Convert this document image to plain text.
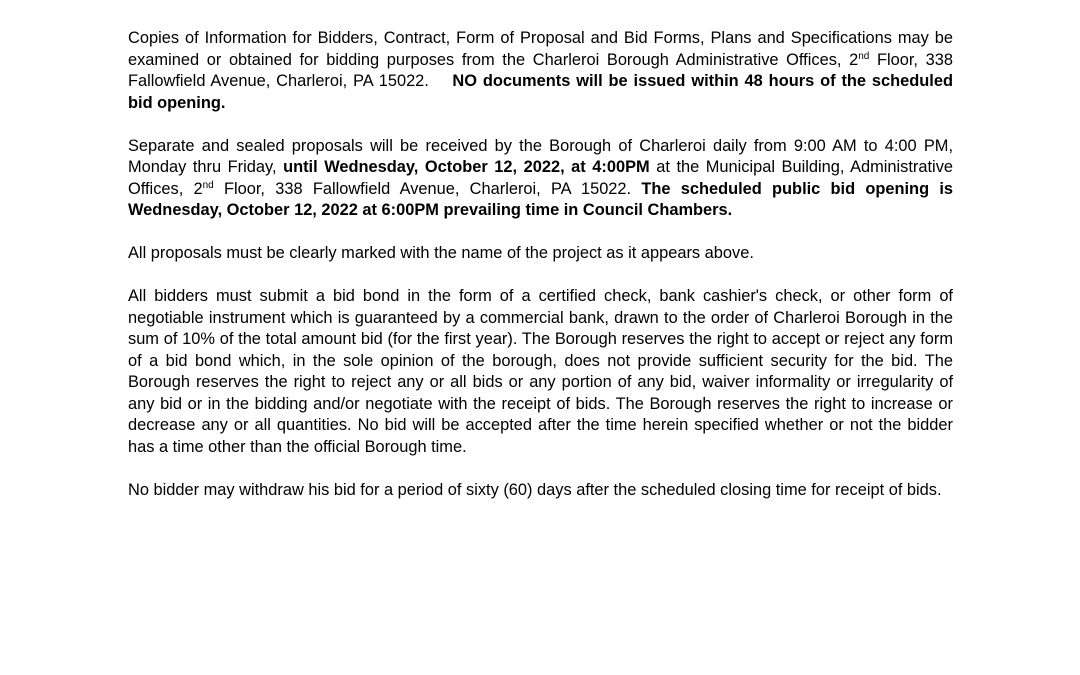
Copies of Information for Bidders, Contract, Form of Proposal and Bid Forms, Plans and Specifications may be examined or obtained for bidding purposes from the Charleroi Borough Administrative Offices, 2nd Floor, 338 Fallowfield Avenue, Charleroi, PA 15022. NO documents will be issued within 48 hours of the scheduled bid opening.

Separate and sealed proposals will be received by the Borough of Charleroi daily from 9:00 AM to 4:00 PM, Monday thru Friday, until Wednesday, October 12, 2022, at 4:00PM at the Municipal Building, Administrative Offices, 2nd Floor, 338 Fallowfield Avenue, Charleroi, PA 15022. The scheduled public bid opening is Wednesday, October 12, 2022 at 6:00PM prevailing time in Council Chambers.

All proposals must be clearly marked with the name of the project as it appears above.

All bidders must submit a bid bond in the form of a certified check, bank cashier's check, or other form of negotiable instrument which is guaranteed by a commercial bank, drawn to the order of Charleroi Borough in the sum of 10% of the total amount bid (for the first year). The Borough reserves the right to accept or reject any form of a bid bond which, in the sole opinion of the borough, does not provide sufficient security for the bid. The Borough reserves the right to reject any or all bids or any portion of any bid, waiver informality or irregularity of any bid or in the bidding and/or negotiate with the receipt of bids. The Borough reserves the right to increase or decrease any or all quantities. No bid will be accepted after the time herein specified whether or not the bidder has a time other than the official Borough time.

No bidder may withdraw his bid for a period of sixty (60) days after the scheduled closing time for receipt of bids.
